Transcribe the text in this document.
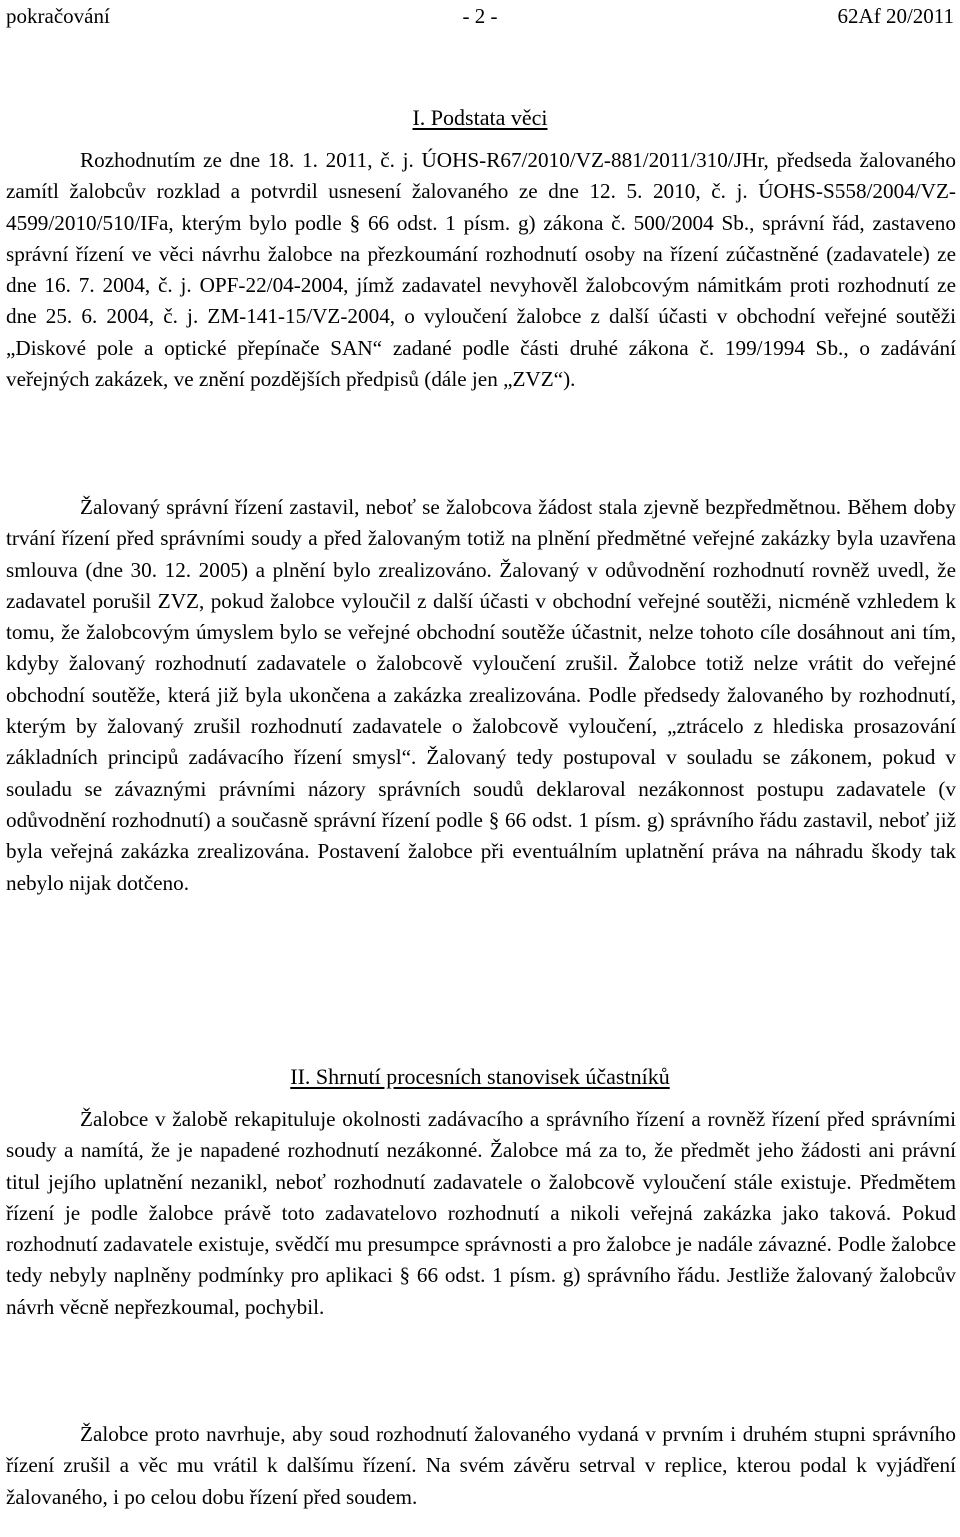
pokračování	- 2 -	62Af 20/2011
I. Podstata věci

Rozhodnutím ze dne 18. 1. 2011, č. j. ÚOHS-R67/2010/VZ-881/2011/310/JHr, předseda žalovaného zamítl žalobcův rozklad a potvrdil usnesení žalovaného ze dne 12. 5. 2010, č. j. ÚOHS-S558/2004/VZ-4599/2010/510/IFa, kterým bylo podle § 66 odst. 1 písm. g) zákona č. 500/2004 Sb., správní řád, zastaveno správní řízení ve věci návrhu žalobce na přezkoumání rozhodnutí osoby na řízení zúčastněné (zadavatele) ze dne 16. 7. 2004, č. j. OPF-22/04-2004, jímž zadavatel nevyhověl žalobcovým námitkám proti rozhodnutí ze dne 25. 6. 2004, č. j. ZM-141-15/VZ-2004, o vyloučení žalobce z další účasti v obchodní veřejné soutěži „Diskové pole a optické přepínače SAN“ zadané podle části druhé zákona č. 199/1994 Sb., o zadávání veřejných zakázek, ve znění pozdějších předpisů (dále jen „ZVZ“).

Žalovaný správní řízení zastavil, neboť se žalobcova žádost stala zjevně bezpředmětnou. Během doby trvání řízení před správními soudy a před žalovaným totiž na plnění předmětné veřejné zakázky byla uzavřena smlouva (dne 30. 12. 2005) a plnění bylo zrealizováno. Žalovaný v odůvodnění rozhodnutí rovněž uvedl, že zadavatel porušil ZVZ, pokud žalobce vyloučil z další účasti v obchodní veřejné soutěži, nicméně vzhledem k tomu, že žalobcovým úmyslem bylo se veřejné obchodní soutěže účastnit, nelze tohoto cíle dosáhnout ani tím, kdyby žalovaný rozhodnutí zadavatele o žalobcově vyloučení zrušil. Žalobce totiž nelze vrátit do veřejné obchodní soutěže, která již byla ukončena a zakázka zrealizována. Podle předsedy žalovaného by rozhodnutí, kterým by žalovaný zrušil rozhodnutí zadavatele o žalobcově vyloučení, „ztrácelo z hlediska prosazování základních principů zadávacího řízení smysl“. Žalovaný tedy postupoval v souladu se zákonem, pokud v souladu se závaznými právními názory správních soudů deklaroval nezákonnost postupu zadavatele (v odůvodnění rozhodnutí) a současně správní řízení podle § 66 odst. 1 písm. g) správního řádu zastavil, neboť již byla veřejná zakázka zrealizována. Postavení žalobce při eventuálním uplatnění práva na náhradu škody tak nebylo nijak dotčeno.

II. Shrnutí procesních stanovisek účastníků

Žalobce v žalobě rekapituluje okolnosti zadávacího a správního řízení a rovněž řízení před správními soudy a namítá, že je napadené rozhodnutí nezákonné. Žalobce má za to, že předmět jeho žádosti ani právní titul jejího uplatnění nezanikl, neboť rozhodnutí zadavatele o žalobcově vyloučení stále existuje. Předmětem řízení je podle žalobce právě toto zadavatelovo rozhodnutí a nikoli veřejná zakázka jako taková. Pokud rozhodnutí zadavatele existuje, svědčí mu presumpce správnosti a pro žalobce je nadále závazné. Podle žalobce tedy nebyly naplněny podmínky pro aplikaci § 66 odst. 1 písm. g) správního řádu. Jestliže žalovaný žalobcův návrh věcně nepřezkoumal, pochybil.

Žalobce proto navrhuje, aby soud rozhodnutí žalovaného vydaná v prvním i druhém stupni správního řízení zrušil a věc mu vrátil k dalšímu řízení. Na svém závěru setrval v replice, kterou podal k vyjádření žalovaného, i po celou dobu řízení před soudem.
